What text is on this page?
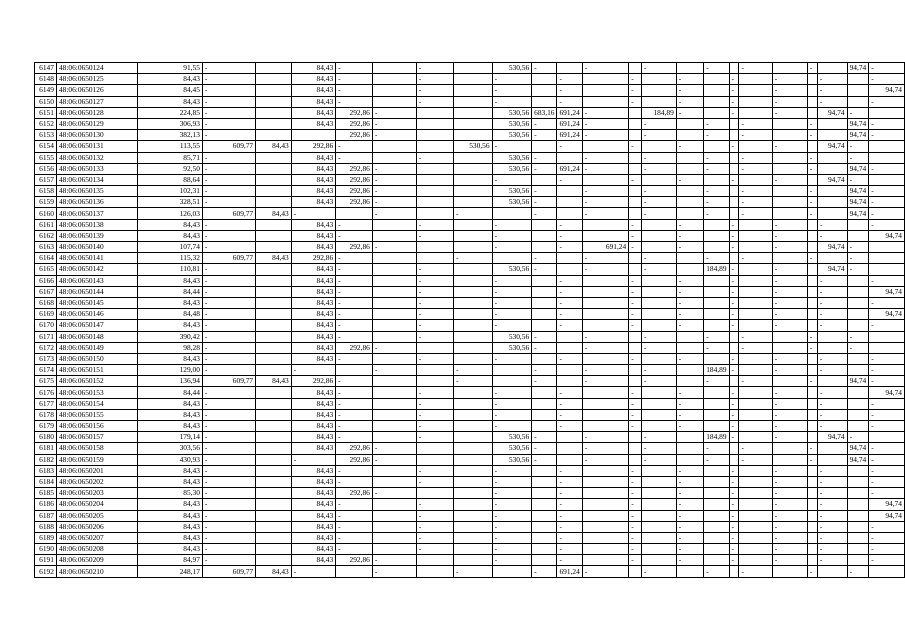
6147	48:06:0650124	91,55	-		84,43	-		-		530,56	-		-		-		-		-		-		94,74	-
6148	48:06:0650125	84,43	-		84,43	-		-		-		-		-		-		-		-		-		-
6149	48:06:0650126	84,45	-		84,43	-		-		-		-		-		-		-		-		-		94,74
6150	48:06:0650127	84,43	-		84,43	-		-		-		-		-		-		-		-		-		-
6151	48:06:0650128	224,85	-		84,43	292,86	-			530,56	683,16	691,24	-		184,89	-		-		-		94,74	-	
6152	48:06:0650129	306,93	-		84,43	292,86	-			530,56	-	691,24	-		-		-		-		-		94,74	-
6153	48:06:0650130	382,13	-			292,86	-			530,56	-	691,24	-		-		-		-		-		94,74	-
6154	48:06:0650131	113,55	609,77	84,43	292,86	-			530,56	-		-		-		-		-		-		94,74	-	
6155	48:06:0650132	85,71	-		84,43	-		-		530,56	-		-		-		-		-		-		-	
6156	48:06:0650133	92,50	-		84,43	292,86	-			530,56	-	691,24	-		-		-		-		-		94,74	-
6157	48:06:0650134	88,64	-		84,43	292,86	-			-		-		-		-		-		-		94,74	-	
6158	48:06:0650135	102,31	-		84,43	292,86	-			530,56	-		-		-		-		-		-		94,74	-
6159	48:06:0650136	328,51	-		84,43	292,86	-			530,56	-		-		-		-		-		-		94,74	-
6160	48:06:0650137	126,03	609,77	84,43	-		-		-		-		-		-		-		-		-		94,74	-
6161	48:06:0650138	84,43	-		84,43	-		-		-		-		-		-		-		-		-		-
6162	48:06:0650139	84,43	-		84,43	-		-		-		-		-		-		-		-		-		94,74
6163	48:06:0650140	107,74	-		84,43	292,86	-			-		-	691,24	-		-		-		-		94,74	-	
6164	48:06:0650141	115,32	609,77	84,43	292,86	-			-		-		-		-		-		-		-		-	
6165	48:06:0650142	110,81	-		84,43	-		-		530,56	-		-		-		184,89	-		-		94,74	-	
6166	48:06:0650143	84,43	-		84,43	-		-		-		-		-		-		-		-		-		-
6167	48:06:0650144	84,44	-		84,43	-		-		-		-		-		-		-		-		-		94,74
6168	48:06:0650145	84,43	-		84,43	-		-		-		-		-		-		-		-		-		-
6169	48:06:0650146	84,48	-		84,43	-		-		-		-		-		-		-		-		-		94,74
6170	48:06:0650147	84,43	-		84,43	-		-		-		-		-		-		-		-		-		-
6171	48:06:0650148	390,42	-		84,43	-		-		530,56	-		-		-		-		-		-		-	
6172	48:06:0650149	98,28	-		84,43	292,86	-			530,56	-		-		-		-		-		-		-	
6173	48:06:0650150	84,43	-		84,43	-		-		-		-		-		-		-		-		-		-
6174	48:06:0650151	129,00	-		-		-		-		-		-		-		184,89	-		-		-		-
6175	48:06:0650152	136,94	609,77	84,43	292,86	-			-		-		-		-		-		-		-		94,74	-
6176	48:06:0650153	84,44	-		84,43	-		-		-		-		-		-		-		-		-		94,74
6177	48:06:0650154	84,43	-		84,43	-		-		-		-		-		-		-		-		-		-
6178	48:06:0650155	84,43	-		84,43	-		-		-		-		-		-		-		-		-		-
6179	48:06:0650156	84,43	-		84,43	-		-		-		-		-		-		-		-		-		-
6180	48:06:0650157	179,14	-		84,43	-		-		530,56	-		-		-		184,89	-		-		94,74	-	
6181	48:06:0650158	303,56	-		84,43	292,86	-			530,56	-		-		-		-		-		-		94,74	-
6182	48:06:0650159	430,93	-		-	292,86	-			530,56	-		-		-		-		-		-		94,74	-
6183	48:06:0650201	84,43	-		84,43	-		-		-		-		-		-		-		-		-		-
6184	48:06:0650202	84,43	-		84,43	-		-		-		-		-		-		-		-		-		-
6185	48:06:0650203	85,30	-		84,43	292,86	-			-		-		-		-		-		-		-		-
6186	48:06:0650204	84,43	-		84,43	-		-		-		-		-		-		-		-		-		94,74
6187	48:06:0650205	84,43	-		84,43	-		-		-		-		-		-		-		-		-		94,74
6188	48:06:0650206	84,43	-		84,43	-		-		-		-		-		-		-		-		-		-
6189	48:06:0650207	84,43	-		84,43	-		-		-		-		-		-		-		-		-		-
6190	48:06:0650208	84,43	-		84,43	-		-		-		-		-		-		-		-		-		-
6191	48:06:0650209	84,97	-		84,43	292,86	-			-		-		-		-		-		-		-		-
6192	48:06:0650210	248,17	609,77	84,43	-		-		-		-	691,24	-		-		-		-		-		-	
